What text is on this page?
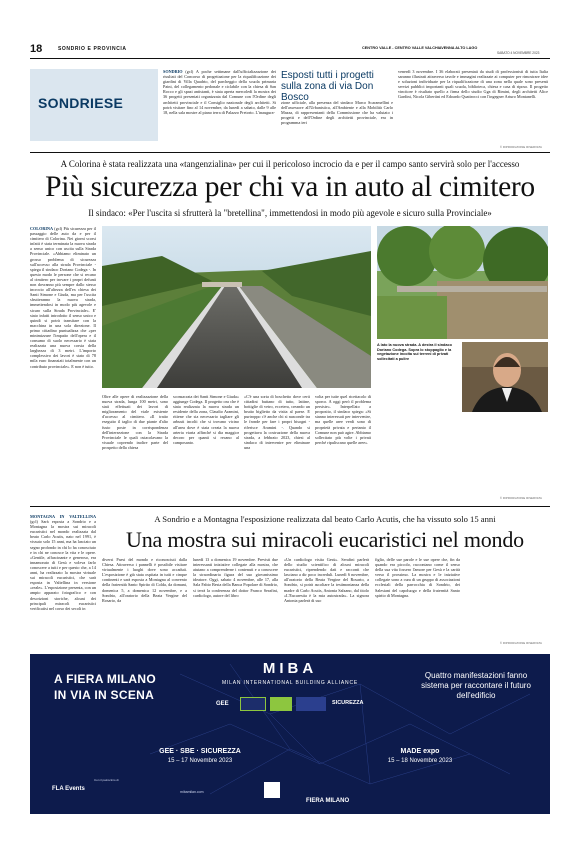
18	SONDRIO E PROVINCIA	CENTRO VALLE - CENTRO VALLE VALCHIAVENNA ALTO LAGO
SABATO 4 NOVEMBRE 2023
SONDRIESE
SONDRIO (gcl) A poche settimane dall'ufficializzazione dei risultati del Concorso di progettazione per la riqualificazione dei giardini di Villa Quadrio, del parcheggio della scuola primaria Paini, del collegamento pedonale e ciclabile con la chiesa di San Rocco e gli spazi antistanti, è stata aperta mercoledì la mostra dei 36 progetti presentati organizzata dal Comune con l'Ordine degli architetti provinciale e il Consiglio nazionale degli architetti. Si potrà visitare fino al 14 novembre, da lunedì a sabato, dalle 9 alle 18, nella sala mostre al piano terra di Palazzo Pretorio. L'inaugura-
Esposti tutti i progetti sulla zona di via Don Bosco
zione ufficiale, alla presenza del sindaco Marco Scaramellini e dell'assessore all'Urbanistica, all'Ambiente e alla Mobilità Carlo Mazza, di rappresentanti della Commissione che ha valutato i progetti e dell'Ordine degli architetti provinciale, era in programma ieri
venerdì 3 novembre. I 36 elaborati presentati da studi di professionisti di tutta Italia saranno illustrati attraverso tavole e immagini realizzate ai computer per rimostrare idee e soluzioni individuate per la riqualificazione di una zona nella quale sono presenti servizi pubblici importanti quali scuola, biblioteca, chiesa e casa di riposo. Il progetto vincitore è risultato quello a firma dello studio Gga di Rimini, degli architetti Alice Gardini, Nicola Gibertini ed Edoardo Quattrocci con l'ingegner Arturo Montanelli.
© RIPRODUZIONE RISERVATA
A Colorina è stata realizzata una «tangenzialina» per cui il pericoloso incrocio da e per il campo santo servirà solo per l'accesso
Più sicurezza per chi va in auto al cimitero
Il sindaco: «Per l'uscita si sfrutterà la "bretellina", immettendosi in modo più agevole e sicuro sulla Provinciale»
COLORINA (gcl) Più sicurezza per il passaggio delle auto da e per il cimitero di Colorina. Nei giorni scorsi infatti è stata terminata la nuova strada a senso unico con uscita sulla Strada Provinciale. «Abbiamo eliminato un grosso problema di sicurezza sull'accesso alla strada Provinciale - spiega il sindaco Doriano Codega -. In questo modo le persone che si recano al cimitero per trovare i propri defunti non dovranno più sempre dallo stesso incrocio all'altezza dell'ex chiesa dei Santi Simone e Giuda, ma per l'uscita sfrutteranno la nuova strada, immettendosi in modo più agevole e sicuro sulla Strada Provinciale». E' stato infatti introdotto il senso unico e quindi si potrà transitare con la macchina in una sola direzione. Il primo cittadino puntualizza che «per minimizzare l'impatto dell'opera e il consumo di suolo necessario è stata realizzata una nuova corsia della larghezza di 3 metri. L'importo complessivo dei lavori è stato di 78 mila euro finanziati totalmente con un contributo provinciale». E non è tutto.
A lato la nuova strada. A destra il sindaco Doriano Codega. Sopra lo stoppaglio e la vegetazione incolta sui terreni di privati sollecitati a pulire
Oltre alle opere di realizzazione della nuova strada, lunga 100 metri, sono stati effettuati dei lavori di miglioramento del viale esistente d'accesso al cimitero. «Il tratto eseguito il taglio di due piante d'alto fusto poste in corrispondenza dell'intersezione con la Strada Provinciale le quali ostacolavano la visuale coprendo inoltre parte del prospetto della chiesa
sconsacrata dei Santi Simone e Giuda» aggiunge Codega. Il progetto ora che è stata realizzata la nuova strada un residente della zona, Claudio Aramini, ritiene che sia necessario tagliare gli arbusti incolti che si trovano vicino all'area dove è stata creata la nuova arteria viaria affinché si dia maggior decoro per quanti si recano al camposanto.
«C'è una sorta di boschetto dove certi cittadini buttano di tutto, lattine, bottiglie di vetro, eccetera, creando un brutto biglietto da visita al paese. E purtroppo c'è anche chi si nasconde tra le fronde per fare i propri bisogni - riferisce Aramini -. Quando si progettava la costruzione della nuova strada, a febbraio 2023, chiesi al sindaco di intervenire per eliminare una
volta per tutte quel ricettacolo di sporco. A oggi però il problema persiste». Interpellato a proposito, il sindaco spiega: «Si stanno interessati per intervenire, ma quelle aree verdi sono di proprietà privata e pertanto il Comune non può agire. Abbiamo sollecitato più volte i privati perché ripuliscano quelle aree».
© RIPRODUZIONE RISERVATA
MONTAGNA IN VALTELLINA (gcl) Sarà esposta a Sondrio e a Montagna la mostra sui miracoli eucaristici nel mondo realizzata dal beato Carlo Acutis, nato nel 1991, è vissuto solo 15 anni, ma ha lasciato un segno profondo in chi lo ha conosciuto e in chi ne conosce la vita e le opere. «Gentile, affascinante e generoso, era innamorato di Gesù e voleva farlo conoscere a tutti e per questo che, a 14 anni, ha realizzato la mostra virtuale sui miracoli eucaristici, che sarà esposta in Valtellina in versione «reale». L'esposizione presenta, con un ampio apparato fotografico e con descrizioni storiche, alcuni dei principali miracoli eucaristici verificatisi nel corso dei secoli in
A Sondrio e a Montagna l'esposizione realizzata dal beato Carlo Acutis, che ha vissuto solo 15 anni
Una mostra sui miracoli eucaristici nel mondo
diversi Paesi del mondo e riconosciuti dalla Chiesa. Attraverso i pannelli è possibile visitare virtualmente i luoghi dove sono accaduti. L'esposizione è già stata ospitata in tutti e cinque continenti e sarà esposta a Montagna al convento della fraternità Santo Spirito di Colda, da domani, domenica 5, a domenica 12 novembre, e a Sondrio, all'oratorio della Beata Vergine del Rosario, da
lunedì 13 a domenica 19 novembre. Previsti due interessanti iniziative collegate alla mostra, che aiutano a comprenderne i contenuti e a conoscere la straordinaria figura del suo giovanissimo ideatore. Oggi, sabato 4 novembre, alle 17, alla Sala Fabio Besta della Banca Popolare di Sondrio, si terrà la conferenza del dottor Franco Serafini, cardiologo, autore del libro
«Un cardiologo visita Gesù». Serafini parlerà dello studio scientifico di alcuni miracoli eucaristici, riprendendo dati e racconti che lasciano a dir poco increduli. Lunedì 6 novembre, all'oratorio della Beata Vergine del Rosario, a Sondrio, si potrà ascoltare la testimonianza della madre di Carlo Acutis, Antonia Salzano, dal titolo «L'Eucarestia è la mia autostrada». La signora Antonia parlerà di suo
figlio, delle sue parole e le sue opere che, fin da quando era piccolo, raccontano come il senso della sua vita fossero l'amore per Gesù e la carità verso il prossimo. La mostra e le iniziative collegate sono a cura di un gruppo di associazioni ecclesiali della parrocchia di Sondrio, dei Salesiani del capoluogo e della fraternità Santo spirito di Montagna.
© RIPRODUZIONE RISERVATA
A FIERA MILANO
IN VIA IN SCENA
MIBA
MILAN INTERNATIONAL BUILDING ALLIANCE
Quattro manifestazioni fanno sistema per raccontare il futuro dell'edificio
GEE	SICUREZZA
GEE · SBE · SICUREZZA
15 – 17 Novembre 2023
MADE expo
15 – 18 Novembre 2023
FLA Events
Con il patrocinio di
mibamilan.com
FIERA MILANO
